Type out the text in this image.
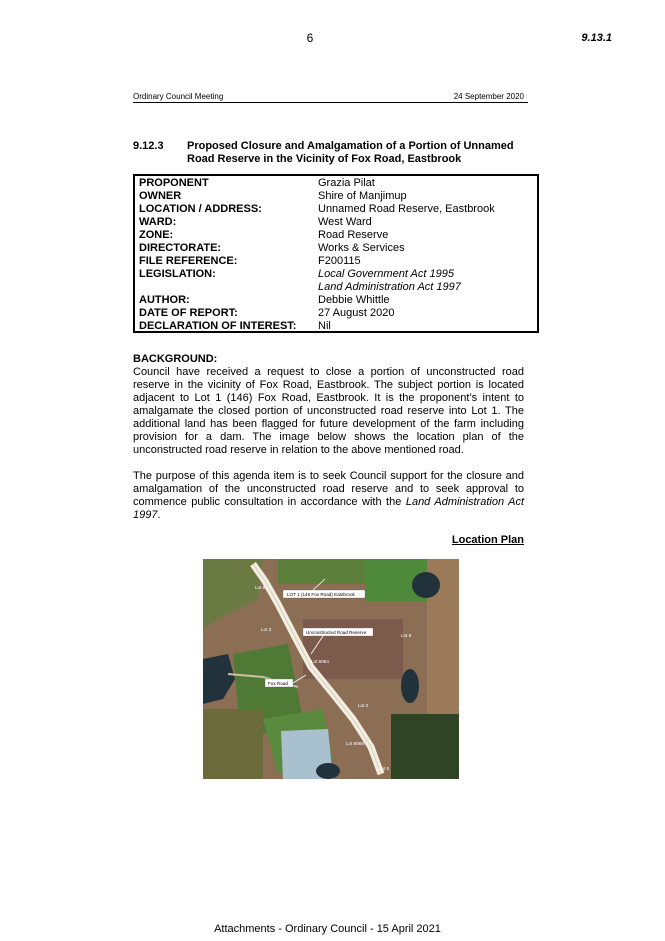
6	9.13.1
Ordinary Council Meeting	24 September 2020
9.12.3 Proposed Closure and Amalgamation of a Portion of Unnamed Road Reserve in the Vicinity of Fox Road, Eastbrook
PROPONENT	Grazia Pilat
OWNER	Shire of Manjimup
LOCATION / ADDRESS:	Unnamed Road Reserve, Eastbrook
WARD:	West Ward
ZONE:	Road Reserve
DIRECTORATE:	Works & Services
FILE REFERENCE:	F200115
LEGISLATION:	Local Government Act 1995
Land Administration Act 1997
AUTHOR:	Debbie Whittle
DATE OF REPORT:	27 August 2020
DECLARATION OF INTEREST: Nil
BACKGROUND:
Council have received a request to close a portion of unconstructed road reserve in the vicinity of Fox Road, Eastbrook. The subject portion is located adjacent to Lot 1 (146) Fox Road, Eastbrook. It is the proponent’s intent to amalgamate the closed portion of unconstructed road reserve into Lot 1. The additional land has been flagged for future development of the farm including provision for a dam. The image below shows the location plan of the unconstructed road reserve in relation to the above mentioned road.
The purpose of this agenda item is to seek Council support for the closure and amalgamation of the unconstructed road reserve and to seek approval to commence public consultation in accordance with the Land Administration Act 1997.
Location Plan
LOT 1 (146 Fox Road) Eastbrook
Unconstructed Road Reserve
Fox Road
Lot 8
Lot 3
Lot 9
Lot 8084
Lot 2
Lot 8088
Lot 5
Attachments - Ordinary Council - 15 April 2021
